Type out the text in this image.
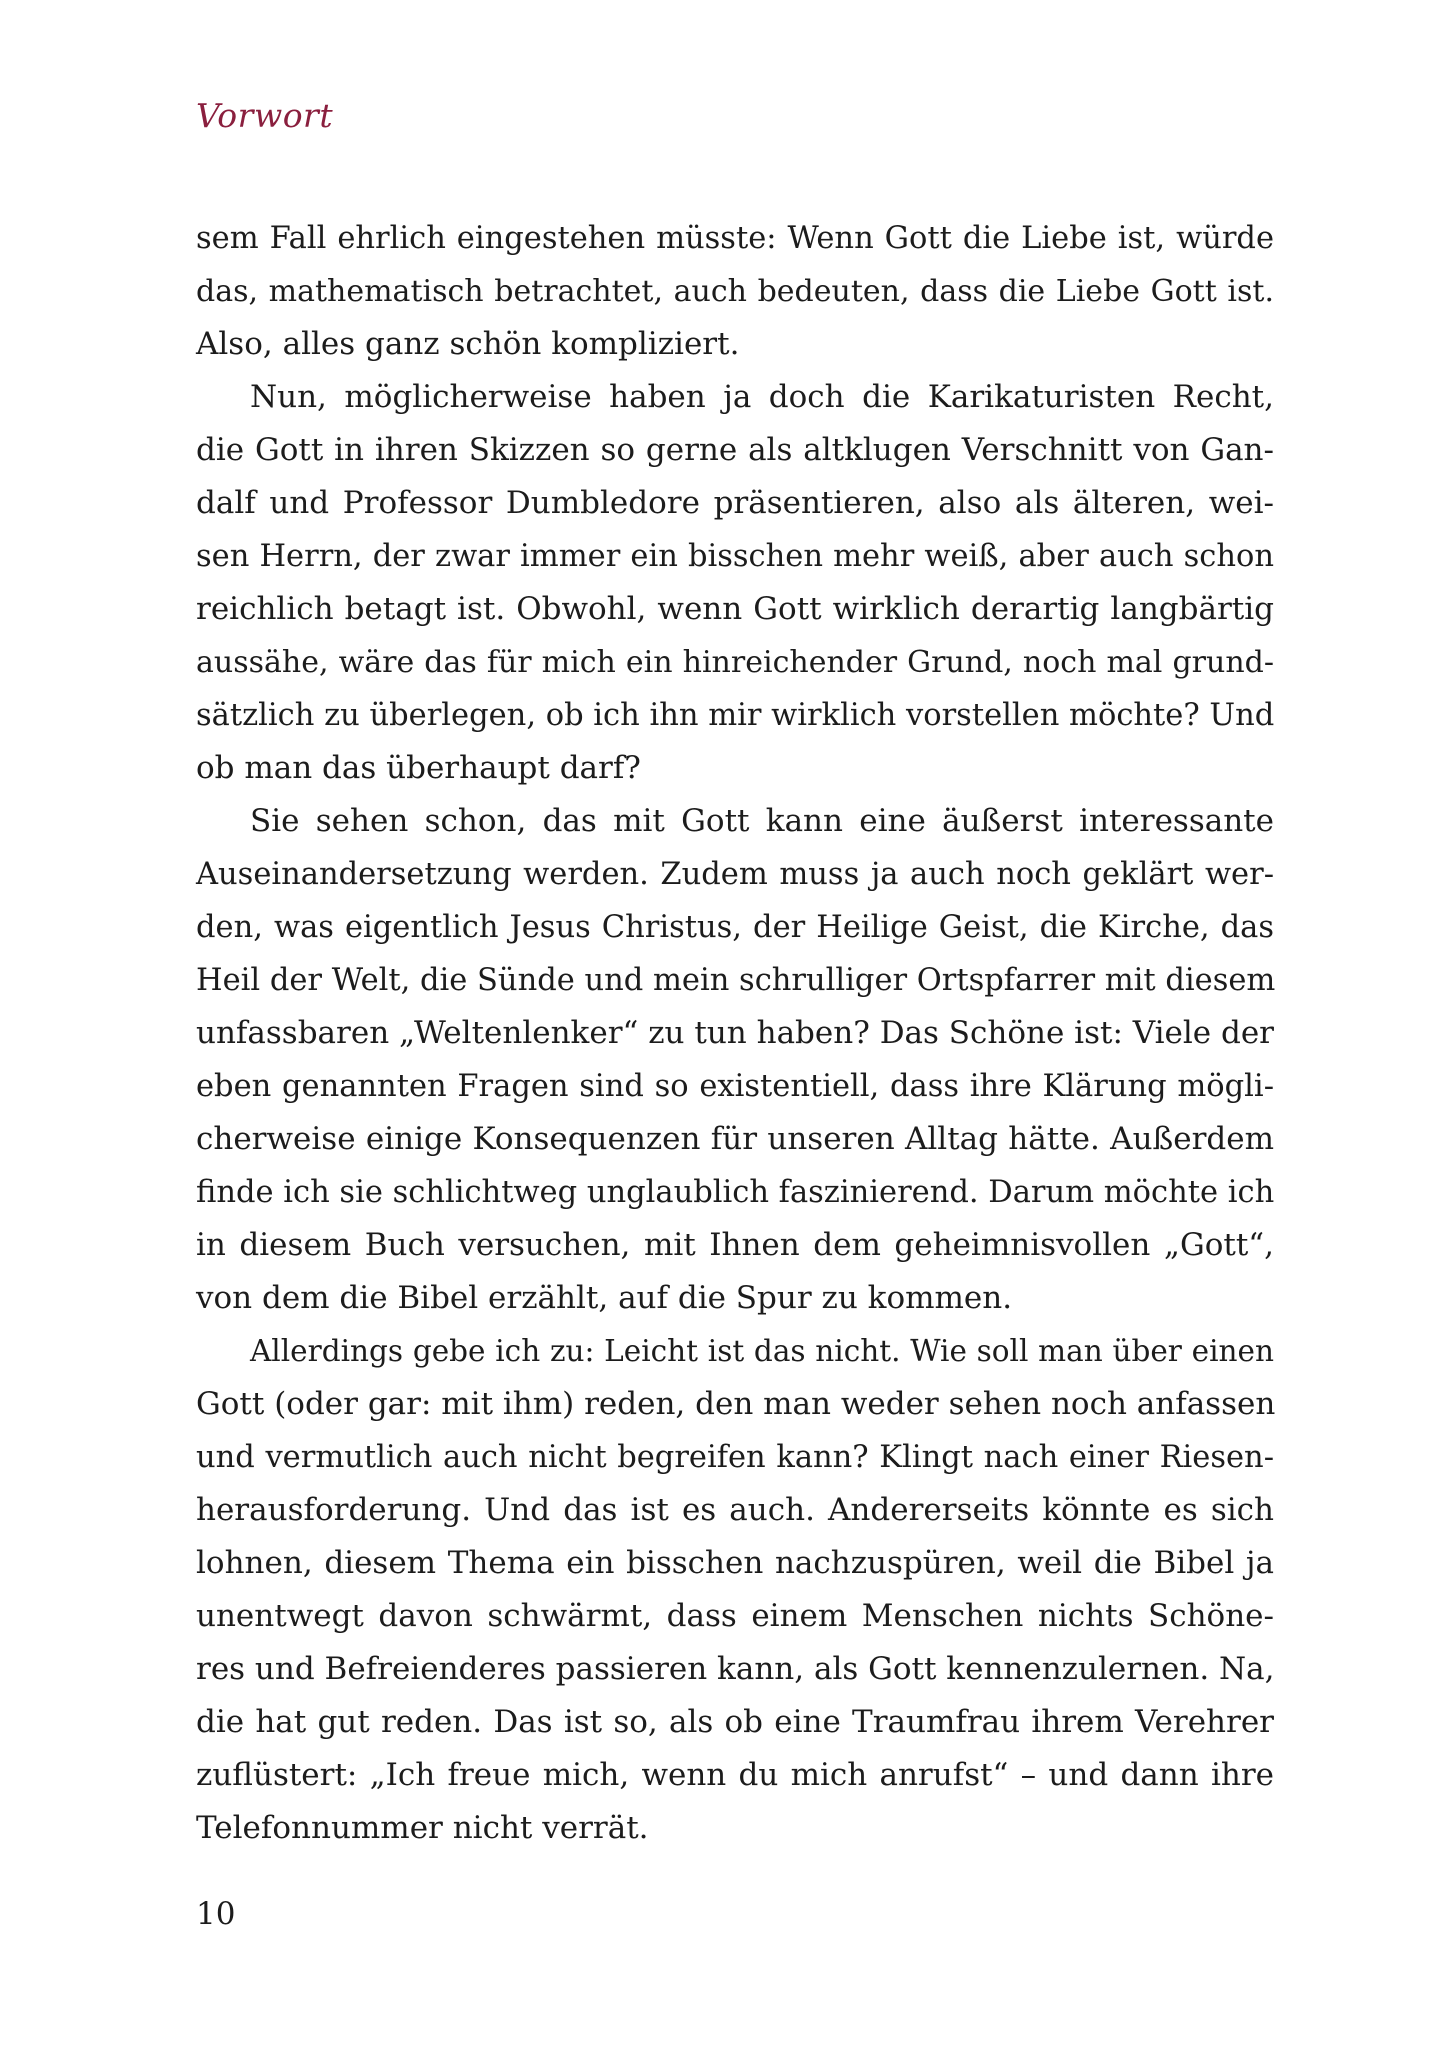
Vorwort
sem Fall ehrlich eingestehen müsste: Wenn Gott die Liebe ist, würde
das, mathematisch betrachtet, auch bedeuten, dass die Liebe Gott ist.
Also, alles ganz schön kompliziert.
Nun, möglicherweise haben ja doch die Karikaturisten Recht,
die Gott in ihren Skizzen so gerne als altklugen Verschnitt von Gan-
dalf und Professor Dumbledore präsentieren, also als älteren, wei-
sen Herrn, der zwar immer ein bisschen mehr weiß, aber auch schon
reichlich betagt ist. Obwohl, wenn Gott wirklich derartig langbärtig
aussähe, wäre das für mich ein hinreichender Grund, noch mal grund-
sätzlich zu überlegen, ob ich ihn mir wirklich vorstellen möchte? Und
ob man das überhaupt darf?
Sie sehen schon, das mit Gott kann eine äußerst interessante
Auseinandersetzung werden. Zudem muss ja auch noch geklärt wer-
den, was eigentlich Jesus Christus, der Heilige Geist, die Kirche, das
Heil der Welt, die Sünde und mein schrulliger Ortspfarrer mit diesem
unfassbaren „Weltenlenker“ zu tun haben? Das Schöne ist: Viele der
eben genannten Fragen sind so existentiell, dass ihre Klärung mögli-
cherweise einige Konsequenzen für unseren Alltag hätte. Außerdem
finde ich sie schlichtweg unglaublich faszinierend. Darum möchte ich
in diesem Buch versuchen, mit Ihnen dem geheimnisvollen „Gott“,
von dem die Bibel erzählt, auf die Spur zu kommen.
Allerdings gebe ich zu: Leicht ist das nicht. Wie soll man über einen
Gott (oder gar: mit ihm) reden, den man weder sehen noch anfassen
und vermutlich auch nicht begreifen kann? Klingt nach einer Riesen-
herausforderung. Und das ist es auch. Andererseits könnte es sich
lohnen, diesem Thema ein bisschen nachzuspüren, weil die Bibel ja
unentwegt davon schwärmt, dass einem Menschen nichts Schöne-
res und Befreienderes passieren kann, als Gott kennenzulernen. Na,
die hat gut reden. Das ist so, als ob eine Traumfrau ihrem Verehrer
zuflüstert: „Ich freue mich, wenn du mich anrufst“ – und dann ihre
Telefonnummer nicht verrät.
10
